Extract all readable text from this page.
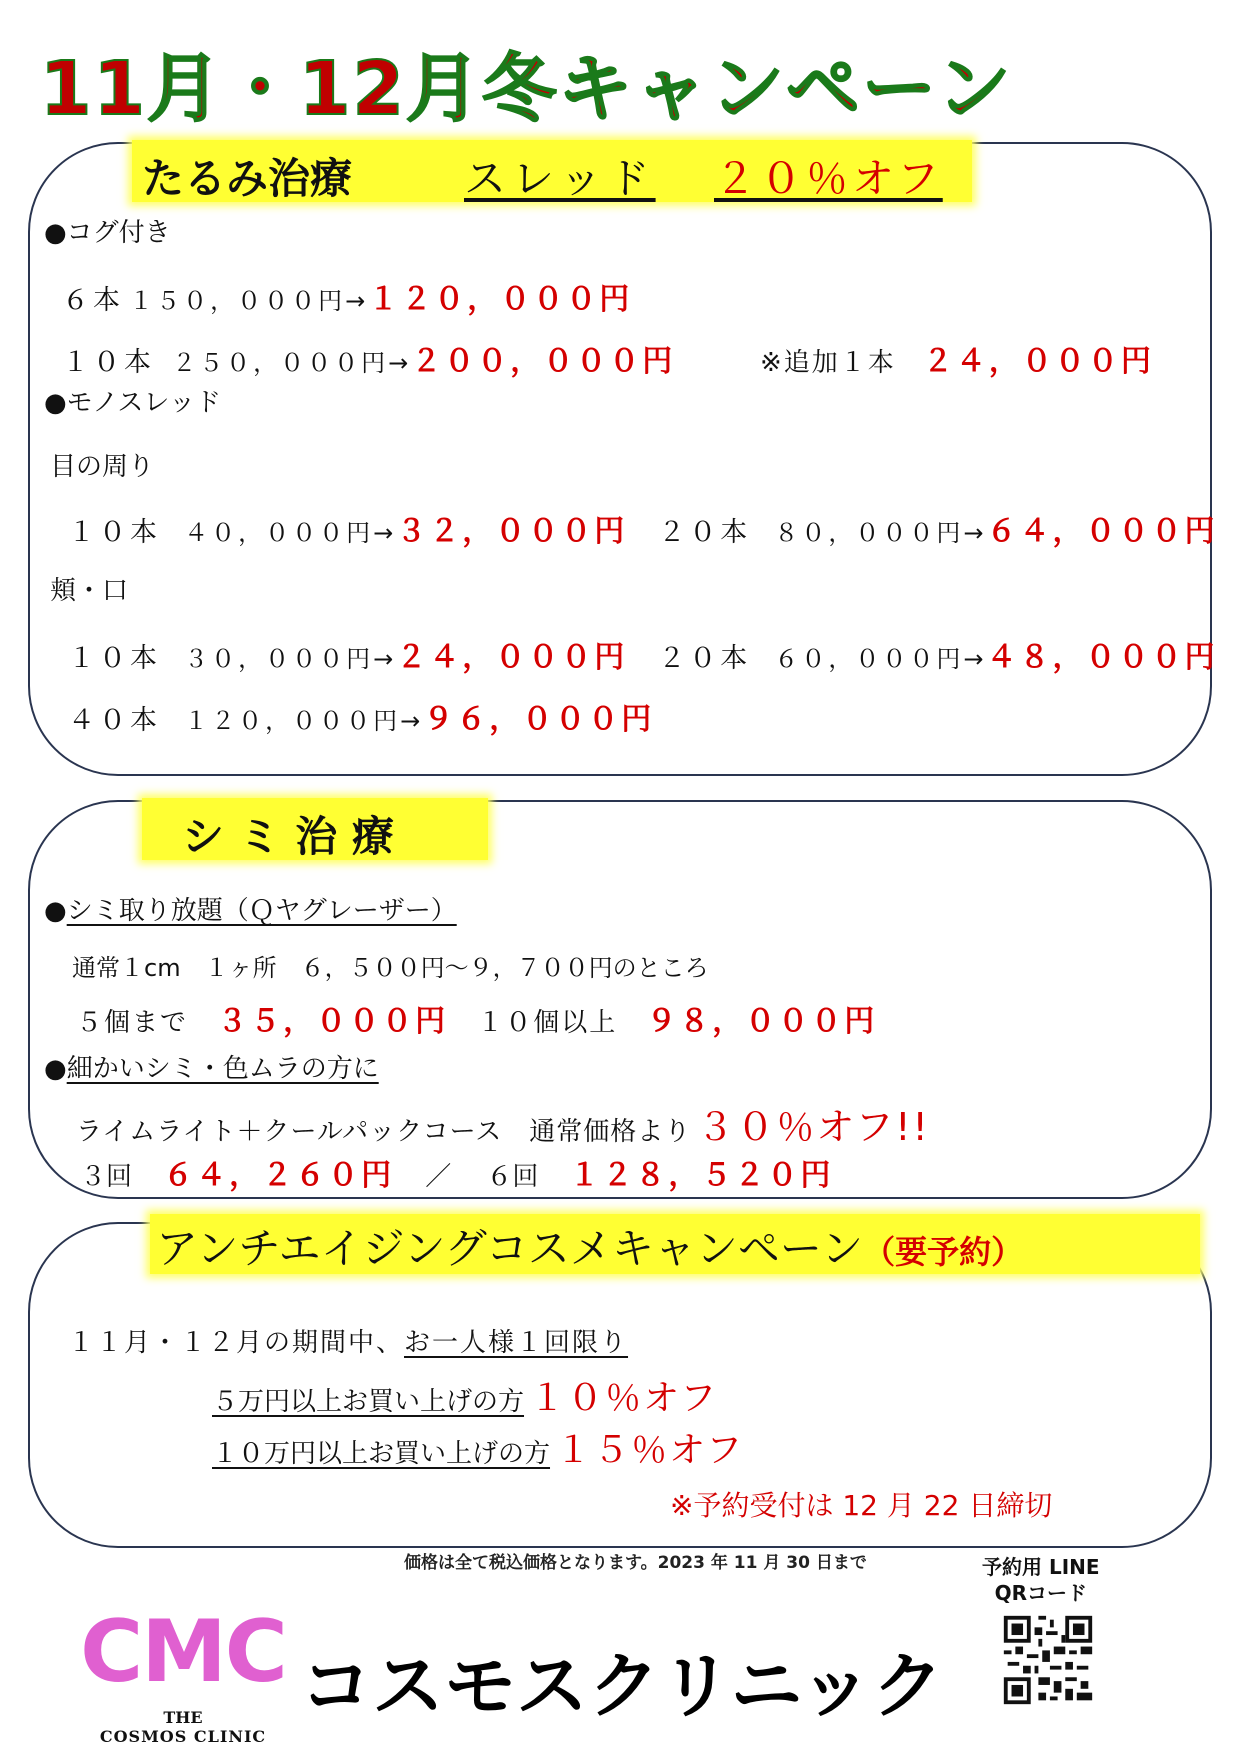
11月・12月冬キャンペーン
たるみ治療	スレッド ２０％オフ
●コグ付き
６本 １５０，０００円→１２０，０００円
１０本 ２５０，０００円→２００，０００円	※追加１本 ２４，０００円
●モノスレッド
目の周り
１０本 ４０，０００円→３２，０００円 ２０本 ８０，０００円→６４，０００円
頬・口
１０本 ３０，０００円→２４，０００円 ２０本 ６０，０００円→４８，０００円
４０本 １２０，０００円→９６，０００円
シ ミ 治 療
●シミ取り放題（Ｑヤグレーザー）
通常１cm　１ヶ所　６，５００円～９，７００円のところ
５個まで ３５，０００円 １０個以上 ９８，０００円
●細かいシミ・色ムラの方に
ライムライト＋クールパックコース　通常価格より ３０％オフ!!
３回 ６４，２６０円 ／ ６回 １２８，５２０円
アンチエイジングコスメキャンペーン（要予約）
１１月・１２月の期間中、お一人様１回限り
５万円以上お買い上げの方 １０％オフ
１０万円以上お買い上げの方 １５％オフ
※予約受付は 12 月 22 日締切
価格は全て税込価格となります。2023 年 11 月 30 日まで	予約用 LINE
QRコード
CMC
THE
COSMOS CLINIC
コスモスクリニック
